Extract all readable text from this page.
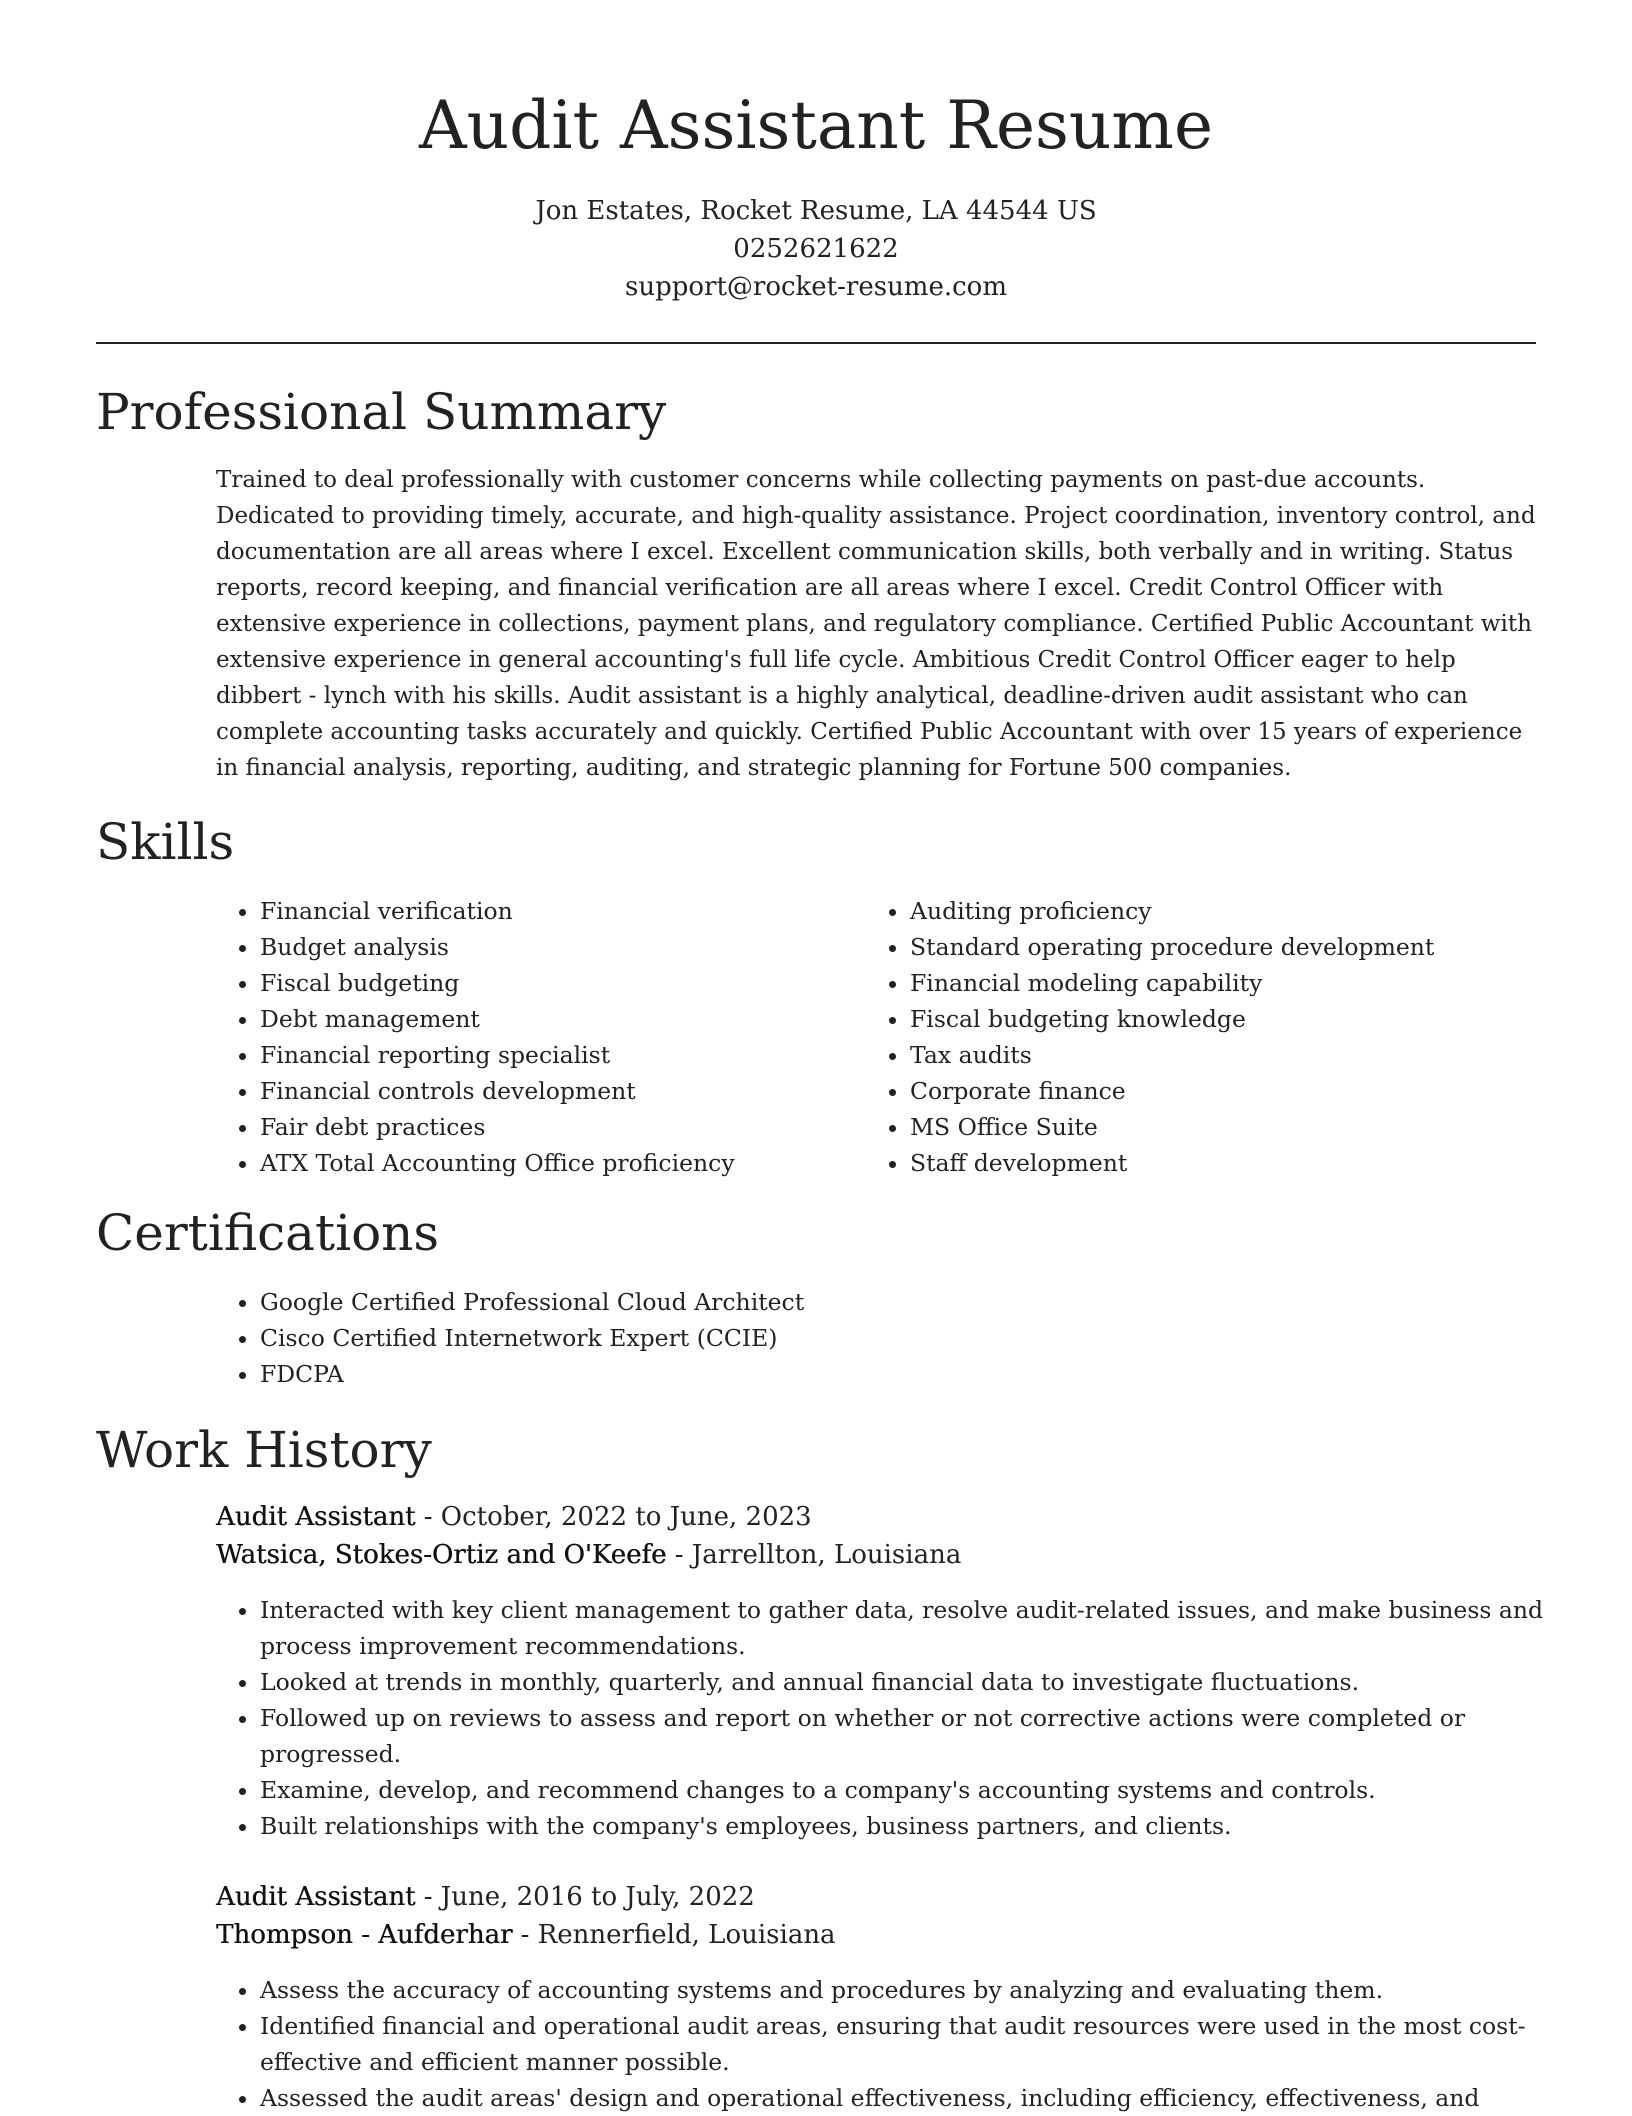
Audit Assistant Resume
Jon Estates, Rocket Resume, LA 44544 US
0252621622
support@rocket-resume.com
Professional Summary

Trained to deal professionally with customer concerns while collecting payments on past-due accounts. Dedicated to providing timely, accurate, and high-quality assistance. Project coordination, inventory control, and documentation are all areas where I excel. Excellent communication skills, both verbally and in writing. Status reports, record keeping, and financial verification are all areas where I excel. Credit Control Officer with extensive experience in collections, payment plans, and regulatory compliance. Certified Public Accountant with extensive experience in general accounting's full life cycle. Ambitious Credit Control Officer eager to help dibbert - lynch with his skills. Audit assistant is a highly analytical, deadline-driven audit assistant who can complete accounting tasks accurately and quickly. Certified Public Accountant with over 15 years of experience in financial analysis, reporting, auditing, and strategic planning for Fortune 500 companies.

Skills
• Financial verification
• Budget analysis
• Fiscal budgeting
• Debt management
• Financial reporting specialist
• Financial controls development
• Fair debt practices
• ATX Total Accounting Office proficiency
• Auditing proficiency
• Standard operating procedure development
• Financial modeling capability
• Fiscal budgeting knowledge
• Tax audits
• Corporate finance
• MS Office Suite
• Staff development
Certifications
• Google Certified Professional Cloud Architect
• Cisco Certified Internetwork Expert (CCIE)
• FDCPA
Work History
Audit Assistant - October, 2022 to June, 2023
Watsica, Stokes-Ortiz and O'Keefe - Jarrellton, Louisiana
• Interacted with key client management to gather data, resolve audit-related issues, and make business and process improvement recommendations.
• Looked at trends in monthly, quarterly, and annual financial data to investigate fluctuations.
• Followed up on reviews to assess and report on whether or not corrective actions were completed or progressed.
• Examine, develop, and recommend changes to a company's accounting systems and controls.
• Built relationships with the company's employees, business partners, and clients.
Audit Assistant - June, 2016 to July, 2022
Thompson - Aufderhar - Rennerfield, Louisiana
• Assess the accuracy of accounting systems and procedures by analyzing and evaluating them.
• Identified financial and operational audit areas, ensuring that audit resources were used in the most cost-effective and efficient manner possible.
• Assessed the audit areas' design and operational effectiveness, including efficiency, effectiveness, and
